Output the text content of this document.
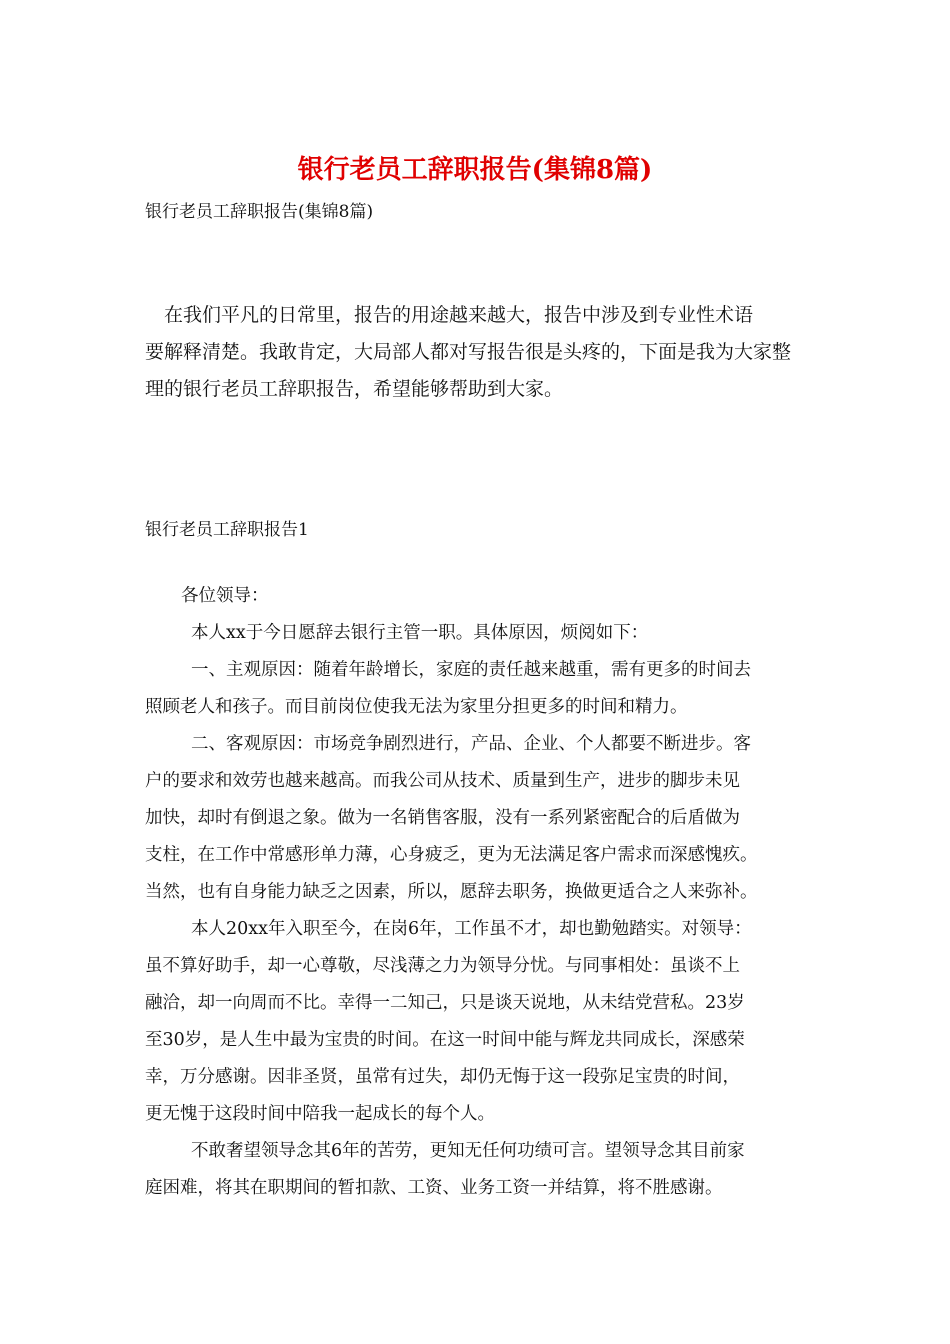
银行老员工辞职报告(集锦8篇)
银行老员工辞职报告(集锦8篇)
　在我们平凡的日常里，报告的用途越来越大，报告中涉及到专业性术语
要解释清楚。我敢肯定，大局部人都对写报告很是头疼的，下面是我为大家整
理的银行老员工辞职报告，希望能够帮助到大家。
银行老员工辞职报告1

各位领导：

本人xx于今日愿辞去银行主管一职。具体原因，烦阅如下：

一、主观原因：随着年龄增长，家庭的责任越来越重，需有更多的时间去
照顾老人和孩子。而目前岗位使我无法为家里分担更多的时间和精力。

二、客观原因：市场竞争剧烈进行，产品、企业、个人都要不断进步。客
户的要求和效劳也越来越高。而我公司从技术、质量到生产，进步的脚步未见
加快，却时有倒退之象。做为一名销售客服，没有一系列紧密配合的后盾做为
支柱，在工作中常感形单力薄，心身疲乏，更为无法满足客户需求而深感愧疚。
当然，也有自身能力缺乏之因素，所以，愿辞去职务，换做更适合之人来弥补。

本人20xx年入职至今，在岗6年，工作虽不才，却也勤勉踏实。对领导：
虽不算好助手，却一心尊敬，尽浅薄之力为领导分忧。与同事相处：虽谈不上
融洽，却一向周而不比。幸得一二知己，只是谈天说地，从未结党营私。23岁
至30岁，是人生中最为宝贵的时间。在这一时间中能与辉龙共同成长，深感荣
幸，万分感谢。因非圣贤，虽常有过失，却仍无悔于这一段弥足宝贵的时间，
更无愧于这段时间中陪我一起成长的每个人。

不敢奢望领导念其6年的苦劳，更知无任何功绩可言。望领导念其目前家
庭困难，将其在职期间的暂扣款、工资、业务工资一并结算，将不胜感谢。
